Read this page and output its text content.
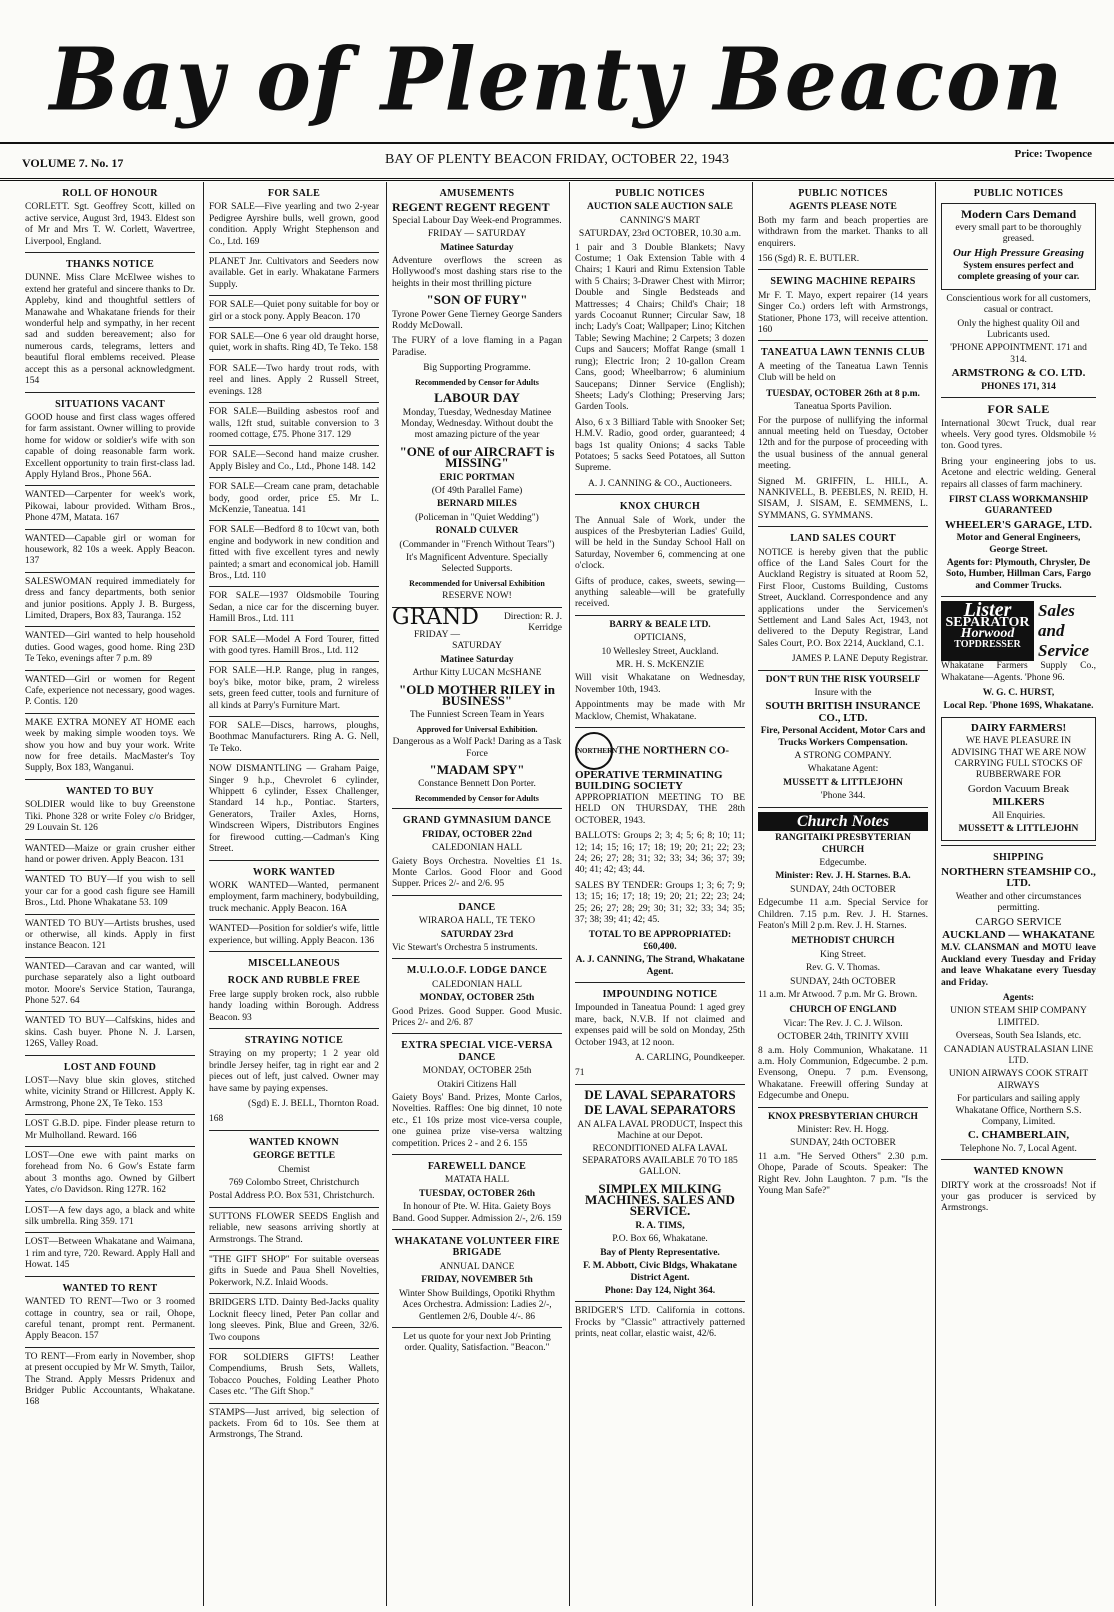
Bay of Plenty Beacon
VOLUME 7. No. 17	BAY OF PLENTY BEACON FRIDAY, OCTOBER 22, 1943	Price: Twopence
ROLL OF HONOUR

CORLETT. Sgt. Geoffrey Scott, killed on active service, August 3rd, 1943. Eldest son of Mr and Mrs T. W. Corlett, Wavertree, Liverpool, England.

THANKS NOTICE

DUNNE. Miss Clare McElwee wishes to extend her grateful and sincere thanks to Dr. Appleby, kind and thoughtful settlers of Manawahe and Whakatane friends for their wonderful help and sympathy, in her recent sad and sudden bereavement; also for numerous cards, telegrams, letters and beautiful floral emblems received. Please accept this as a personal acknowledgment. 154

SITUATIONS VACANT

GOOD house and first class wages offered for farm assistant. Owner willing to provide home for widow or soldier's wife with son capable of doing reasonable farm work. Excellent opportunity to train first-class lad. Apply Hyland Bros., Phone 56A.

WANTED—Carpenter for week's work, Pikowai, labour provided. Witham Bros., Phone 47M, Matata. 167

WANTED—Capable girl or woman for housework, 82 10s a week. Apply Beacon. 137

SALESWOMAN required immediately for dress and fancy departments, both senior and junior positions. Apply J. B. Burgess, Limited, Drapers, Box 83, Tauranga. 152

WANTED—Girl wanted to help household duties. Good wages, good home. Ring 23D Te Teko, evenings after 7 p.m. 89

WANTED—Girl or women for Regent Cafe, experience not necessary, good wages. P. Contis. 120

MAKE EXTRA MONEY AT HOME each week by making simple wooden toys. We show you how and buy your work. Write now for free details. MacMaster's Toy Supply, Box 183, Wanganui.

WANTED TO BUY

SOLDIER would like to buy Greenstone Tiki. Phone 328 or write Foley c/o Bridger, 29 Louvain St. 126

WANTED—Maize or grain crusher either hand or power driven. Apply Beacon. 131

WANTED TO BUY—If you wish to sell your car for a good cash figure see Hamill Bros., Ltd. Phone Whakatane 53. 109

WANTED TO BUY—Artists brushes, used or otherwise, all kinds. Apply in first instance Beacon. 121

WANTED—Caravan and car wanted, will purchase separately also a light outboard motor. Moore's Service Station, Tauranga, Phone 527. 64

WANTED TO BUY—Calfskins, hides and skins. Cash buyer. Phone N. J. Larsen, 126S, Valley Road.

LOST AND FOUND

LOST—Navy blue skin gloves, stitched white, vicinity Strand or Hillcrest. Apply K. Armstrong, Phone 2X, Te Teko. 153

LOST G.B.D. pipe. Finder please return to Mr Mulholland. Reward. 166

LOST—One ewe with paint marks on forehead from No. 6 Gow's Estate farm about 3 months ago. Owned by Gilbert Yates, c/o Davidson. Ring 127R. 162

LOST—A few days ago, a black and white silk umbrella. Ring 359. 171

LOST—Between Whakatane and Waimana, 1 rim and tyre, 720. Reward. Apply Hall and Howat. 145

WANTED TO RENT

WANTED TO RENT—Two or 3 roomed cottage in country, sea or rail, Ohope, careful tenant, prompt rent. Permanent. Apply Beacon. 157

TO RENT—From early in November, shop at present occupied by Mr W. Smyth, Tailor, The Strand. Apply Messrs Pridenux and Bridger Public Accountants, Whakatane. 168

FOR SALE

FOR SALE—Five yearling and two 2-year Pedigree Ayrshire bulls, well grown, good condition. Apply Wright Stephenson and Co., Ltd. 169

PLANET Jnr. Cultivators and Seeders now available. Get in early. Whakatane Farmers Supply.

FOR SALE—Quiet pony suitable for boy or girl or a stock pony. Apply Beacon. 170

FOR SALE—One 6 year old draught horse, quiet, work in shafts. Ring 4D, Te Teko. 158

FOR SALE—Two hardy trout rods, with reel and lines. Apply 2 Russell Street, evenings. 128

FOR SALE—Building asbestos roof and walls, 12ft stud, suitable conversion to 3 roomed cottage, £75. Phone 317. 129

FOR SALE—Second hand maize crusher. Apply Bisley and Co., Ltd., Phone 148. 142

FOR SALE—Cream cane pram, detachable body, good order, price £5. Mr L. McKenzie, Taneatua. 141

FOR SALE—Bedford 8 to 10cwt van, both engine and bodywork in new condition and fitted with five excellent tyres and newly painted; a smart and economical job. Hamill Bros., Ltd. 110

FOR SALE—1937 Oldsmobile Touring Sedan, a nice car for the discerning buyer. Hamill Bros., Ltd. 111

FOR SALE—Model A Ford Tourer, fitted with good tyres. Hamill Bros., Ltd. 112

FOR SALE—H.P. Range, plug in ranges, boy's bike, motor bike, pram, 2 wireless sets, green feed cutter, tools and furniture of all kinds at Parry's Furniture Mart.

FOR SALE—Discs, harrows, ploughs, Boothmac Manufacturers. Ring A. G. Nell, Te Teko.

NOW DISMANTLING — Graham Paige, Singer 9 h.p., Chevrolet 6 cylinder, Whippett 6 cylinder, Essex Challenger, Standard 14 h.p., Pontiac. Starters, Generators, Trailer Axles, Horns, Windscreen Wipers, Distributors Engines for firewood cutting.—Cadman's King Street.

WORK WANTED

WORK WANTED—Wanted, permanent employment, farm machinery, bodybuilding, truck mechanic. Apply Beacon. 16A

WANTED—Position for soldier's wife, little experience, but willing. Apply Beacon. 136

MISCELLANEOUS
ROCK AND RUBBLE FREE

Free large supply broken rock, also rubble handy loading within Borough. Address Beacon. 93

STRAYING NOTICE

Straying on my property; 1 2 year old brindle Jersey heifer, tag in right ear and 2 pieces out of left, just calved. Owner may have same by paying expenses.

(Sgd) E. J. BELL, Thornton Road.

168

WANTED KNOWN
GEORGE BETTLE
Chemist
769 Colombo Street, Christchurch

Postal Address P.O. Box 531, Christchurch.

SUTTONS FLOWER SEEDS English and reliable, new seasons arriving shortly at Armstrongs. The Strand.

"THE GIFT SHOP" For suitable overseas gifts in Suede and Paua Shell Novelties, Pokerwork, N.Z. Inlaid Woods.

BRIDGERS LTD. Dainty Bed-Jacks quality Locknit fleecy lined, Peter Pan collar and long sleeves. Pink, Blue and Green, 32/6. Two coupons

FOR SOLDIERS GIFTS! Leather Compendiums, Brush Sets, Wallets, Tobacco Pouches, Folding Leather Photo Cases etc. "The Gift Shop."

STAMPS—Just arrived, big selection of packets. From 6d to 10s. See them at Armstrongs, The Strand.

AMUSEMENTS
REGENT REGENT REGENT
Special Labour Day Week-end Programmes.
FRIDAY — SATURDAY
Matinee Saturday

Adventure overflows the screen as Hollywood's most dashing stars rise to the heights in their most thrilling picture

"SON OF FURY"

Tyrone Power Gene Tierney George Sanders Roddy McDowall.

The FURY of a love flaming in a Pagan Paradise.

Big Supporting Programme.
Recommended by Censor for Adults
LABOUR DAY

Monday, Tuesday, Wednesday Matinee Monday, Wednesday. Without doubt the most amazing picture of the year

"ONE of our AIRCRAFT is MISSING"
ERIC PORTMAN
(Of 49th Parallel Fame)
BERNARD MILES
(Policeman in "Quiet Wedding")
RONALD CULVER
(Commander in "French Without Tears")
It's Magnificent Adventure. Specially Selected Supports.
Recommended for Universal Exhibition
RESERVE NOW!
GRAND	Direction: R. J. Kerridge
FRIDAY — SATURDAY
Matinee Saturday
Arthur Kitty LUCAN McSHANE
"OLD MOTHER RILEY in BUSINESS"
The Funniest Screen Team in Years
Approved for Universal Exhibition.
Dangerous as a Wolf Pack! Daring as a Task Force
"MADAM SPY"
Constance Bennett Don Porter.
Recommended by Censor for Adults
GRAND GYMNASIUM DANCE
FRIDAY, OCTOBER 22nd
CALEDONIAN HALL

Gaiety Boys Orchestra. Novelties £1 1s. Monte Carlos. Good Floor and Good Supper. Prices 2/- and 2/6. 95

DANCE
WIRAROA HALL, TE TEKO
SATURDAY 23rd

Vic Stewart's Orchestra 5 instruments.

M.U.I.O.O.F. LODGE DANCE
CALEDONIAN HALL
MONDAY, OCTOBER 25th

Good Prizes. Good Supper. Good Music. Prices 2/- and 2/6. 87

EXTRA SPECIAL VICE-VERSA DANCE
MONDAY, OCTOBER 25th
Otakiri Citizens Hall

Gaiety Boys' Band. Prizes, Monte Carlos, Novelties. Raffles: One big dinnet, 10 note etc., £1 10s prize most vice-versa couple, one guinea prize vise-versa waltzing competition. Prices 2 - and 2 6. 155

FAREWELL DANCE
MATATA HALL
TUESDAY, OCTOBER 26th

In honour of Pte. W. Hita. Gaiety Boys Band. Good Supper. Admission 2/-, 2/6. 159

WHAKATANE VOLUNTEER FIRE BRIGADE
ANNUAL DANCE
FRIDAY, NOVEMBER 5th

Winter Show Buildings, Opotiki Rhythm Aces Orchestra. Admission: Ladies 2/-, Gentlemen 2/6, Double 4/-. 86

Let us quote for your next Job Printing order. Quality, Satisfaction. "Beacon."

PUBLIC NOTICES
AUCTION SALE AUCTION SALE
CANNING'S MART
SATURDAY, 23rd OCTOBER, 10.30 a.m.

1 pair and 3 Double Blankets; Navy Costume; 1 Oak Extension Table with 4 Chairs; 1 Kauri and Rimu Extension Table with 5 Chairs; 3-Drawer Chest with Mirror; Double and Single Bedsteads and Mattresses; 4 Chairs; Child's Chair; 18 yards Cocoanut Runner; Circular Saw, 18 inch; Lady's Coat; Wallpaper; Lino; Kitchen Table; Sewing Machine; 2 Carpets; 3 dozen Cups and Saucers; Moffat Range (small 1 rung); Electric Iron; 2 10-gallon Cream Cans, good; Wheelbarrow; 6 aluminium Saucepans; Dinner Service (English); Sheets; Lady's Clothing; Preserving Jars; Garden Tools.

Also, 6 x 3 Billiard Table with Snooker Set; H.M.V. Radio, good order, guaranteed; 4 bags 1st quality Onions; 4 sacks Table Potatoes; 5 sacks Seed Potatoes, all Sutton Supreme.

A. J. CANNING & CO., Auctioneers.
KNOX CHURCH

The Annual Sale of Work, under the auspices of the Presbyterian Ladies' Guild, will be held in the Sunday School Hall on Saturday, November 6, commencing at one o'clock.

Gifts of produce, cakes, sweets, sewing—anything saleable—will be gratefully received.

BARRY & BEALE LTD.
OPTICIANS,
10 Wellesley Street, Auckland.
MR. H. S. McKENZIE

Will visit Whakatane on Wednesday, November 10th, 1943.

Appointments may be made with Mr Macklow, Chemist, Whakatane.

NORTHERNTHE NORTHERN CO-OPERATIVE TERMINATING BUILDING SOCIETY

APPROPRIATION MEETING TO BE HELD ON THURSDAY, THE 28th OCTOBER, 1943.

BALLOTS: Groups 2; 3; 4; 5; 6; 8; 10; 11; 12; 14; 15; 16; 17; 18; 19; 20; 21; 22; 23; 24; 26; 27; 28; 31; 32; 33; 34; 36; 37; 39; 40; 41; 42; 43; 44.

SALES BY TENDER: Groups 1; 3; 6; 7; 9; 13; 15; 16; 17; 18; 19; 20; 21; 22; 23; 24; 25; 26; 27; 28; 29; 30; 31; 32; 33; 34; 35; 37; 38; 39; 41; 42; 45.

TOTAL TO BE APPROPRIATED: £60,400.
A. J. CANNING, The Strand, Whakatane Agent.
IMPOUNDING NOTICE

Impounded in Taneatua Pound: 1 aged grey mare, back, N.V.B. If not claimed and expenses paid will be sold on Monday, 25th October 1943, at 12 noon.

A. CARLING, Poundkeeper.

71

DE LAVAL SEPARATORS
DE LAVAL SEPARATORS

AN ALFA LAVAL PRODUCT, Inspect this Machine at our Depot.

RECONDITIONED ALFA LAVAL SEPARATORS AVAILABLE 70 TO 185 GALLON.

SIMPLEX MILKING MACHINES. SALES AND SERVICE.
R. A. TIMS,
P.O. Box 66, Whakatane.
Bay of Plenty Representative.
F. M. Abbott, Civic Bldgs, Whakatane District Agent.
Phone: Day 124, Night 364.

BRIDGER'S LTD. California in cottons. Frocks by "Classic" attractively patterned prints, neat collar, elastic waist, 42/6.

PUBLIC NOTICES
AGENTS PLEASE NOTE

Both my farm and beach properties are withdrawn from the market. Thanks to all enquirers.

156 (Sgd) R. E. BUTLER.

SEWING MACHINE REPAIRS

Mr F. T. Mayo, expert repairer (14 years Singer Co.) orders left with Armstrongs, Stationer, Phone 173, will receive attention. 160

TANEATUA LAWN TENNIS CLUB

A meeting of the Taneatua Lawn Tennis Club will be held on

TUESDAY, OCTOBER 26th at 8 p.m.
Taneatua Sports Pavilion.

For the purpose of nullifying the informal annual meeting held on Tuesday, October 12th and for the purpose of proceeding with the usual business of the annual general meeting.

Signed M. GRIFFIN, L. HILL, A. NANKIVELL, B. PEEBLES, N. REID, H. SISAM, J. SISAM, E. SEMMENS, L. SYMMANS, G. SYMMANS.

LAND SALES COURT

NOTICE is hereby given that the public office of the Land Sales Court for the Auckland Registry is situated at Room 52, First Floor, Customs Building, Customs Street, Auckland. Correspondence and any applications under the Servicemen's Settlement and Land Sales Act, 1943, not delivered to the Deputy Registrar, Land Sales Court, P.O. Box 2214, Auckland, C.1.

JAMES P. LANE Deputy Registrar.

DON'T RUN THE RISK YOURSELF
Insure with the
SOUTH BRITISH INSURANCE CO., LTD.
Fire, Personal Accident, Motor Cars and Trucks Workers Compensation.
A STRONG COMPANY.
Whakatane Agent:
MUSSETT & LITTLEJOHN
'Phone 344.
Church Notes
RANGITAIKI PRESBYTERIAN CHURCH
Edgecumbe.
Minister: Rev. J. H. Starnes. B.A.
SUNDAY, 24th OCTOBER

Edgecumbe 11 a.m. Special Service for Children. 7.15 p.m. Rev. J. H. Starnes. Featon's Mill 2 p.m. Rev. J. H. Starnes.

METHODIST CHURCH
King Street.
Rev. G. V. Thomas.
SUNDAY, 24th OCTOBER

11 a.m. Mr Atwood. 7 p.m. Mr G. Brown.

CHURCH OF ENGLAND
Vicar: The Rev. J. C. J. Wilson.
OCTOBER 24th, TRINITY XVIII

8 a.m. Holy Communion, Whakatane. 11 a.m. Holy Communion, Edgecumbe. 2 p.m. Evensong, Onepu. 7 p.m. Evensong, Whakatane. Freewill offering Sunday at Edgecumbe and Onepu.

KNOX PRESBYTERIAN CHURCH
Minister: Rev. H. Hogg.
SUNDAY, 24th OCTOBER

11 a.m. "He Served Others" 2.30 p.m. Ohope, Parade of Scouts. Speaker: The Right Rev. John Laughton. 7 p.m. "Is the Young Man Safe?"

PUBLIC NOTICES
Modern Cars Demand
every small part to be thoroughly greased.
Our High Pressure Greasing
System ensures perfect and complete greasing of your car.

Conscientious work for all customers, casual or contract.

Only the highest quality Oil and Lubricants used.

'PHONE APPOINTMENT. 171 and 314.

ARMSTRONG & CO. LTD.
PHONES 171, 314
FOR SALE

International 30cwt Truck, dual rear wheels. Very good tyres. Oldsmobile ½ ton. Good tyres.

Bring your engineering jobs to us. Acetone and electric welding. General repairs all classes of farm machinery.

FIRST CLASS WORKMANSHIP GUARANTEED
WHEELER'S GARAGE, LTD.
Motor and General Engineers, George Street.

Agents for: Plymouth, Chrysler, De Soto, Humber, Hillman Cars, Fargo and Commer Trucks.

Lister
SEPARATOR
Horwood
TOPDRESSER
Sales and Service

Whakatane Farmers Supply Co., Whakatane—Agents. 'Phone 96.

W. G. C. HURST,
Local Rep. 'Phone 169S, Whakatane.
DAIRY FARMERS!
WE HAVE PLEASURE IN ADVISING THAT WE ARE NOW CARRYING FULL STOCKS OF RUBBERWARE FOR
Gordon Vacuum Break
MILKERS
All Enquiries.
MUSSETT & LITTLEJOHN
SHIPPING
NORTHERN STEAMSHIP CO., LTD.
Weather and other circumstances permitting.
CARGO SERVICE
AUCKLAND — WHAKATANE

M.V. CLANSMAN and MOTU leave Auckland every Tuesday and Friday and leave Whakatane every Tuesday and Friday.

Agents:
UNION STEAM SHIP COMPANY LIMITED.
Overseas, South Sea Islands, etc.
CANADIAN AUSTRALASIAN LINE LTD.
UNION AIRWAYS COOK STRAIT AIRWAYS

For particulars and sailing apply Whakatane Office, Northern S.S. Company, Limited.

C. CHAMBERLAIN,
Telephone No. 7, Local Agent.
WANTED KNOWN

DIRTY work at the crossroads! Not if your gas producer is serviced by Armstrongs.
